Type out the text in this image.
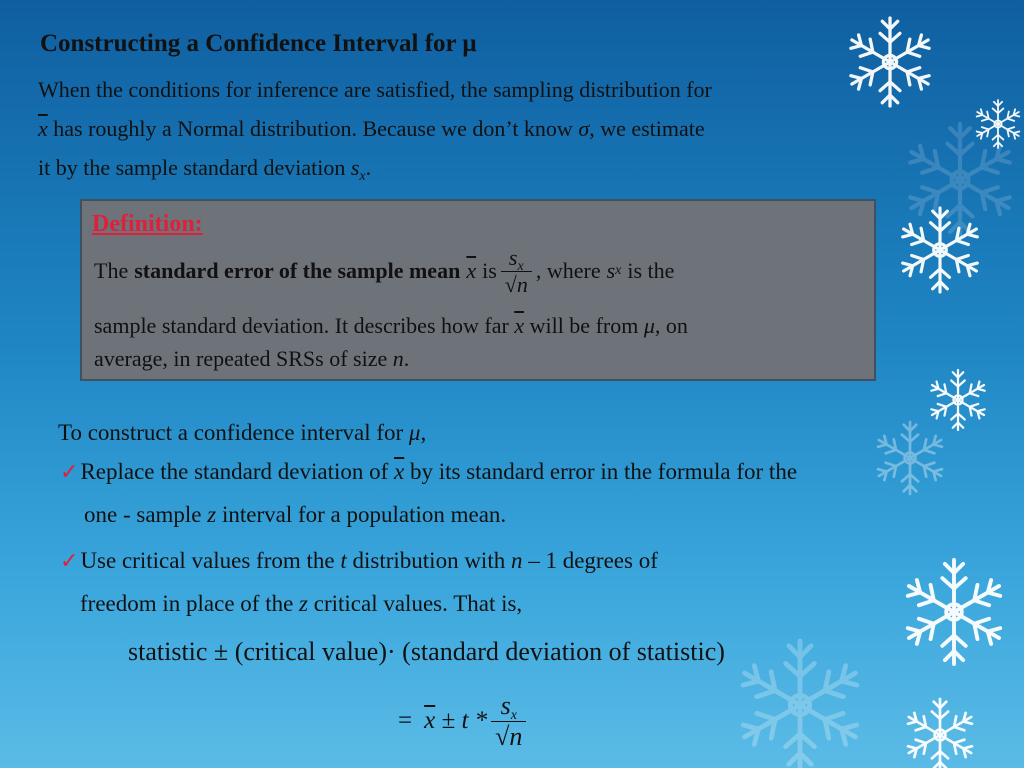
Constructing a Confidence Interval for μ
When the conditions for inference are satisfied, the sampling distribution for
$\overline{x}$ has roughly a Normal distribution. Because we don’t know σ, we estimate
it by the sample standard deviation $s_x$.
Definition:
The standard error of the sample mean $\overline{x}$ is $\frac{s_x}{√n}$ , where s x is the
sample standard deviation. It describes how far $\overline{x}$ will be from μ, on
average, in repeated SRSs of size n.
To construct a confidence interval for μ,
✓Replace the standard deviation of $\overline{x}$ by its standard error in the formula for the
one - sample z interval for a population mean.
✓Use critical values from the t distribution with n – 1 degrees of
freedom in place of the z critical values. That is,
statistic ± (critical value)· (standard deviation of statistic)
= $\overline{x} \pm t * \frac{s_x}{√n}$
